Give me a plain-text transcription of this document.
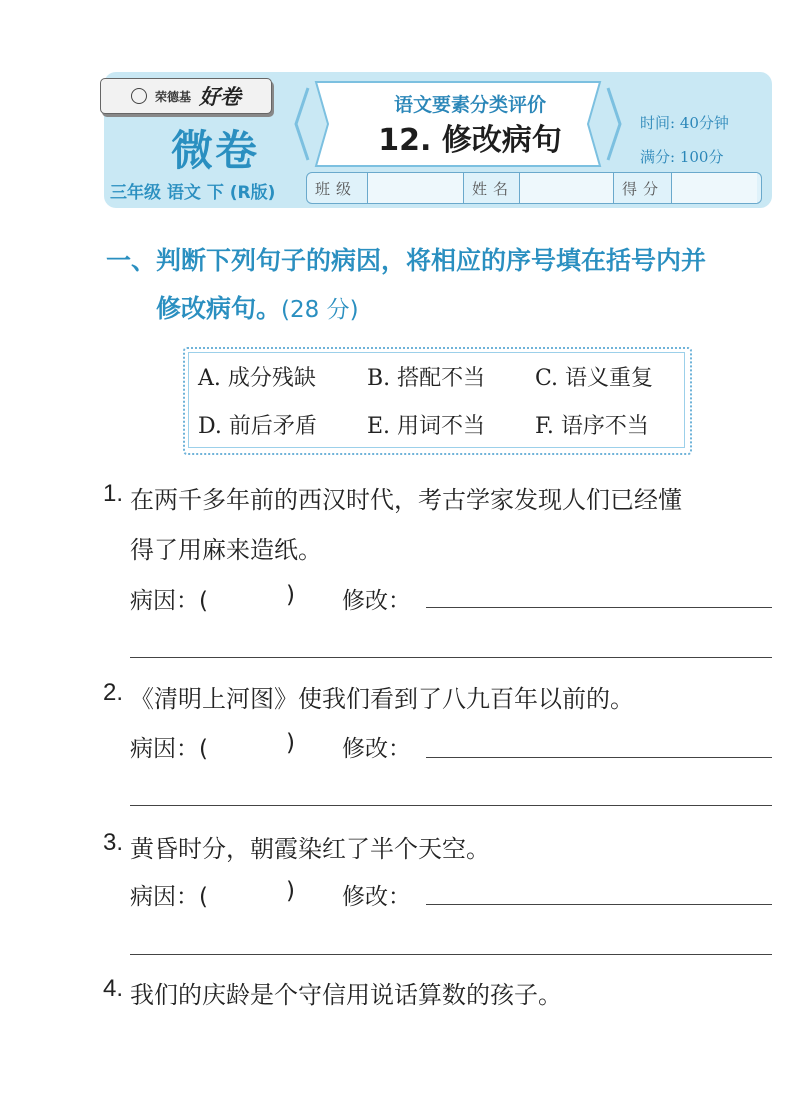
荣德基 好卷
微卷
语文要素分类评价
12. 修改病句	时间: 40分钟
满分: 100分
三年级 语文 下 (R版)	班级	姓名	得分
一、判断下列句子的病因，将相应的序号填在括号内并
修改病句。(28 分)
A. 成分残缺 B. 搭配不当 C. 语义重复
D. 前后矛盾 E. 用词不当 F. 语序不当
1. 在两千多年前的西汉时代，考古学家发现人们已经懂
得了用麻来造纸。
病因：(	) 修改：
2. 《清明上河图》使我们看到了八九百年以前的。
病因：(	) 修改：
3. 黄昏时分，朝霞染红了半个天空。
病因：(	) 修改：
4. 我们的庆龄是个守信用说话算数的孩子。
